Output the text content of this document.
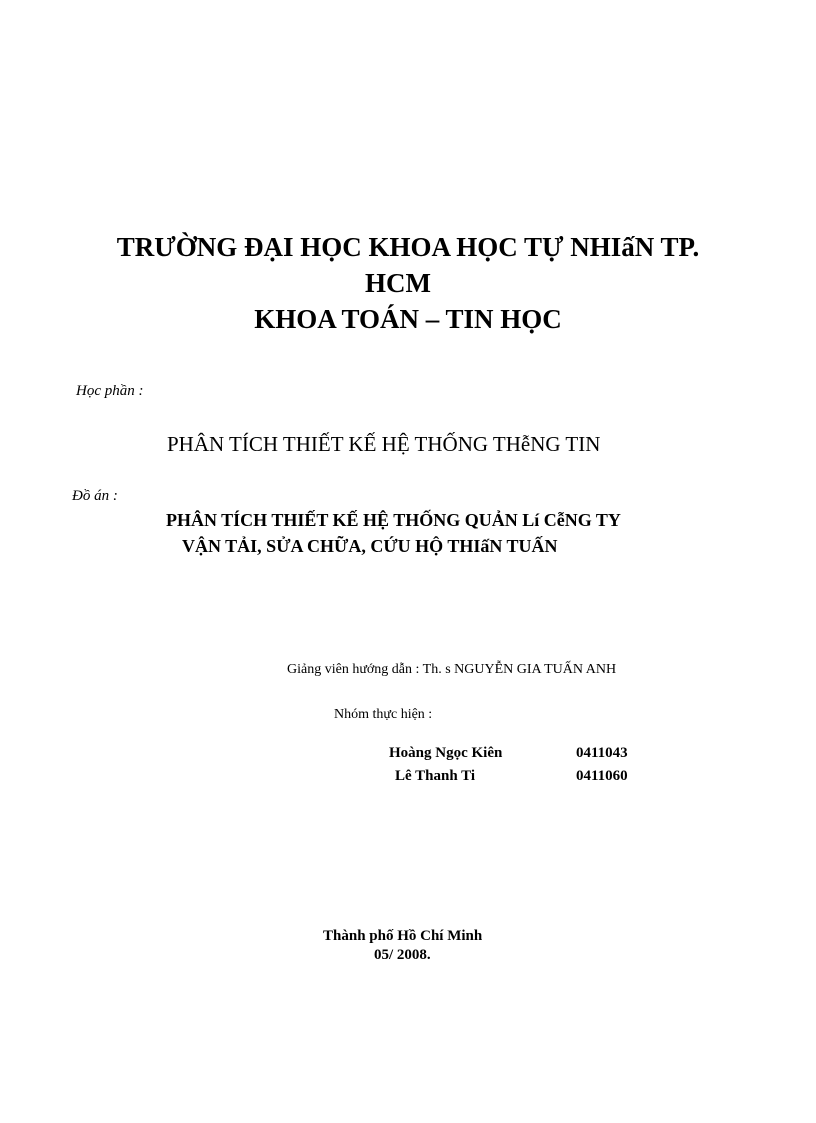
TRƯỜNG ĐẠI HỌC KHOA HỌC TỰ NHIấN TP.
HCM
KHOA TOÁN – TIN HỌC
Học phần :
PHÂN TÍCH THIẾT KẾ HỆ THỐNG THễNG TIN
Đồ án :
PHÂN TÍCH THIẾT KẾ HỆ THỐNG QUẢN Lí CễNG TY
VẬN TẢI, SỬA CHỮA, CỨU HỘ THIấN TUẤN
Giảng viên hướng dẫn : Th. s NGUYỄN GIA TUẤN ANH
Nhóm thực hiện :
Hoàng Ngọc Kiên	0411043
Lê Thanh Ti	0411060
Thành phố Hồ Chí Minh
05/ 2008.
